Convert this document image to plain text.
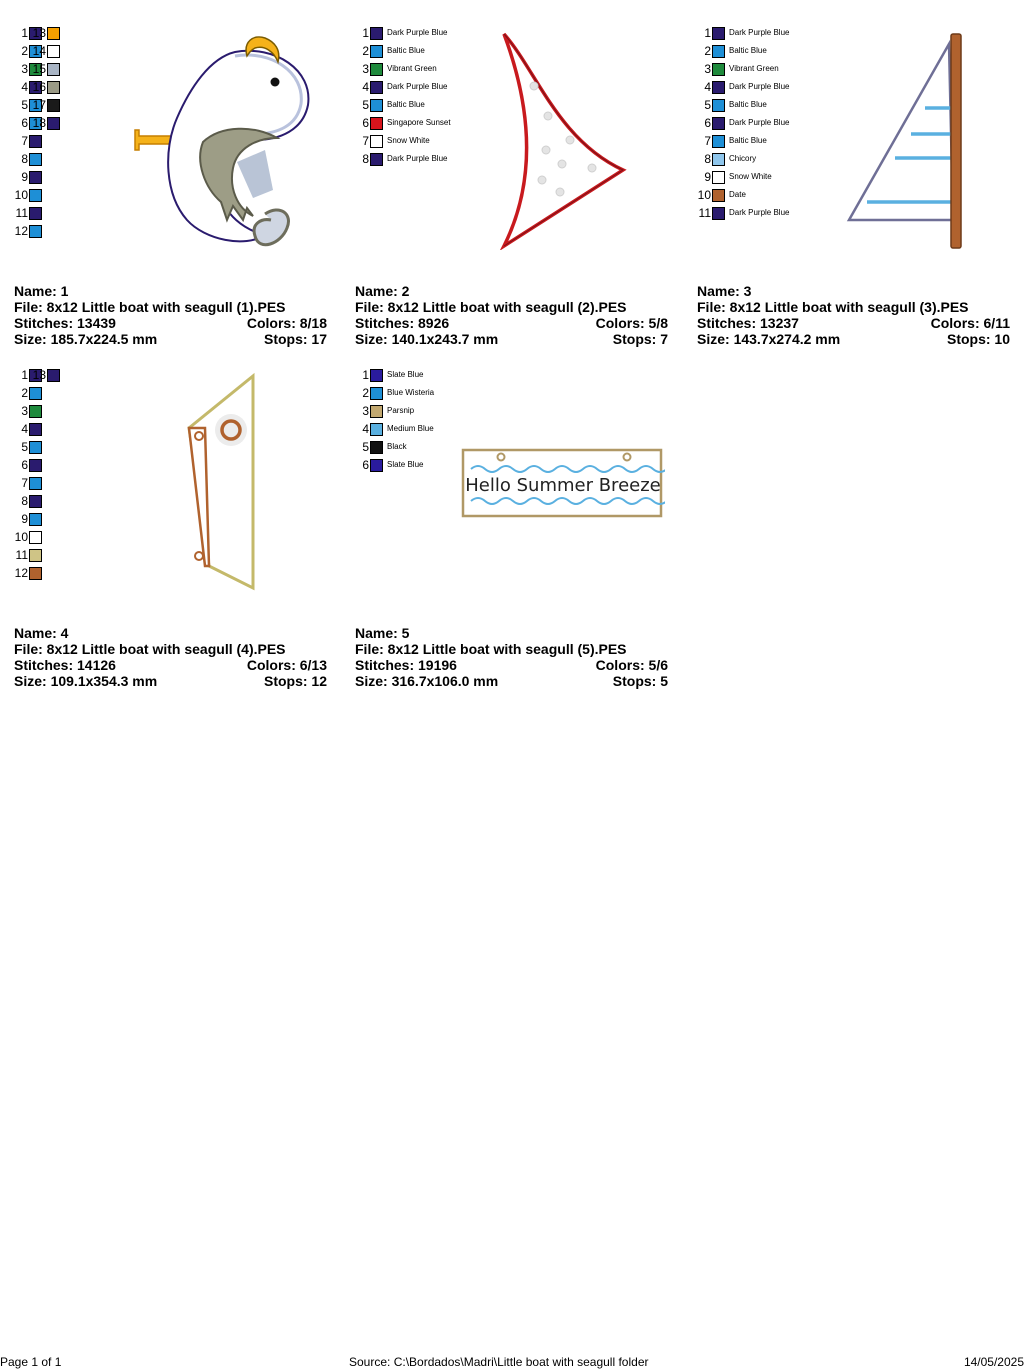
1
2
3
4
5
6
7
8
9
10
11
12
13
14
15
16
17
18
Name: 1
File: 8x12 Little boat with seagull (1).PES
Stitches: 13439	Colors: 8/18
Size: 185.7x224.5 mm	Stops: 17
1 Dark Purple Blue
2 Baltic Blue
3 Vibrant Green
4 Dark Purple Blue
5 Baltic Blue
6 Singapore Sunset
7 Snow White
8 Dark Purple Blue
Name: 2
File: 8x12 Little boat with seagull (2).PES
Stitches: 8926	Colors: 5/8
Size: 140.1x243.7 mm	Stops: 7
1 Dark Purple Blue
2 Baltic Blue
3 Vibrant Green
4 Dark Purple Blue
5 Baltic Blue
6 Dark Purple Blue
7 Baltic Blue
8 Chicory
9 Snow White
10 Date
11 Dark Purple Blue
Name: 3
File: 8x12 Little boat with seagull (3).PES
Stitches: 13237	Colors: 6/11
Size: 143.7x274.2 mm	Stops: 10
1
2
3
4
5
6
7
8
9
10
11
12
13
Name: 4
File: 8x12 Little boat with seagull (4).PES
Stitches: 14126	Colors: 6/13
Size: 109.1x354.3 mm	Stops: 12
1 Slate Blue
2 Blue Wisteria
3 Parsnip
4 Medium Blue
5 Black
6 Slate Blue
Hello Summer Breeze
Name: 5
File: 8x12 Little boat with seagull (5).PES
Stitches: 19196	Colors: 5/6
Size: 316.7x106.0 mm	Stops: 5
Page 1 of 1	Source: C:\Bordados\Madri\Little boat with seagull folder	14/05/2025
